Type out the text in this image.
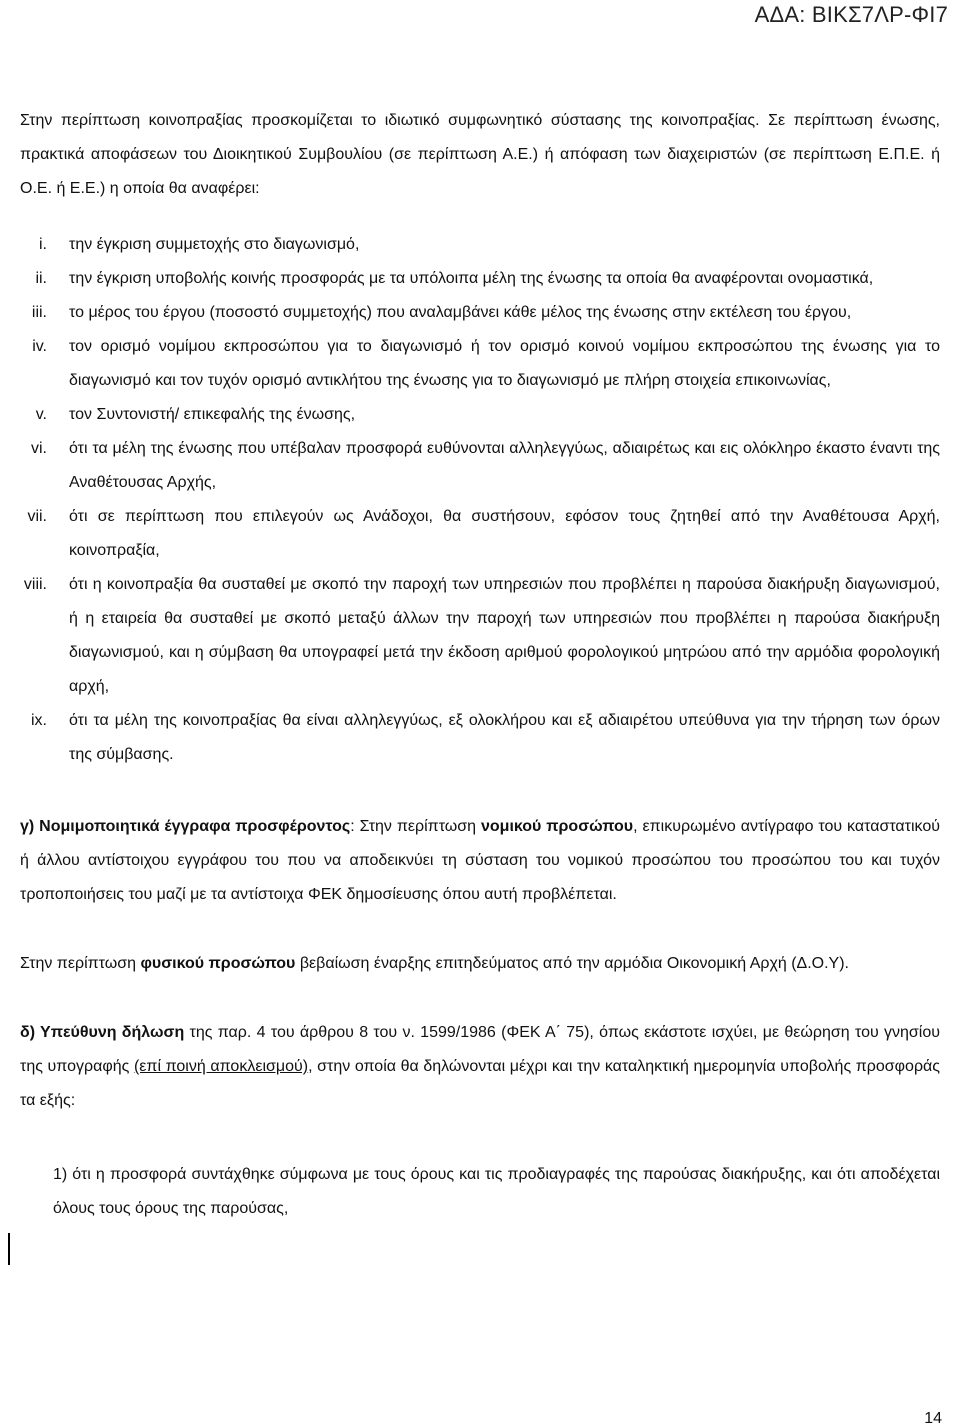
ΑΔΑ: ΒΙΚΣ7ΛΡ-ΦΙ7

Στην περίπτωση κοινοπραξίας προσκομίζεται το ιδιωτικό συμφωνητικό σύστασης της κοινοπραξίας. Σε περίπτωση ένωσης, πρακτικά αποφάσεων του Διοικητικού Συμβουλίου (σε περίπτωση Α.Ε.) ή απόφαση των διαχειριστών (σε περίπτωση Ε.Π.Ε. ή Ο.Ε. ή Ε.Ε.) η οποία θα αναφέρει:

i. την έγκριση συμμετοχής στο διαγωνισμό,
ii. την έγκριση υποβολής κοινής προσφοράς με τα υπόλοιπα μέλη της ένωσης τα οποία θα αναφέρονται ονομαστικά,
iii. το μέρος του έργου (ποσοστό συμμετοχής) που αναλαμβάνει κάθε μέλος της ένωσης στην εκτέλεση του έργου,
iv. τον ορισμό νομίμου εκπροσώπου για το διαγωνισμό ή τον ορισμό κοινού νομίμου εκπροσώπου της ένωσης για το διαγωνισμό και τον τυχόν ορισμό αντικλήτου της ένωσης για το διαγωνισμό με πλήρη στοιχεία επικοινωνίας,
v. τον Συντονιστή/ επικεφαλής της ένωσης,
vi. ότι τα μέλη της ένωσης που υπέβαλαν προσφορά ευθύνονται αλληλεγγύως, αδιαιρέτως και εις ολόκληρο έκαστο έναντι της Αναθέτουσας Αρχής,
vii. ότι σε περίπτωση που επιλεγούν ως Ανάδοχοι, θα συστήσουν, εφόσον τους ζητηθεί από την Αναθέτουσα Αρχή, κοινοπραξία,
viii. ότι η κοινοπραξία θα συσταθεί με σκοπό την παροχή των υπηρεσιών που προβλέπει η παρούσα διακήρυξη διαγωνισμού, ή η εταιρεία θα συσταθεί με σκοπό μεταξύ άλλων την παροχή των υπηρεσιών που προβλέπει η παρούσα διακήρυξη διαγωνισμού, και η σύμβαση θα υπογραφεί μετά την έκδοση αριθμού φορολογικού μητρώου από την αρμόδια φορολογική αρχή,
ix. ότι τα μέλη της κοινοπραξίας θα είναι αλληλεγγύως, εξ ολοκλήρου και εξ αδιαιρέτου υπεύθυνα για την τήρηση των όρων της σύμβασης.

γ) Νομιμοποιητικά έγγραφα προσφέροντος: Στην περίπτωση νομικού προσώπου, επικυρωμένο αντίγραφο του καταστατικού ή άλλου αντίστοιχου εγγράφου του που να αποδεικνύει τη σύσταση του νομικού προσώπου του προσώπου του και τυχόν τροποποιήσεις του μαζί με τα αντίστοιχα ΦΕΚ δημοσίευσης όπου αυτή προβλέπεται.

Στην περίπτωση φυσικού προσώπου βεβαίωση έναρξης επιτηδεύματος από την αρμόδια Οικονομική Αρχή (Δ.Ο.Υ).

δ) Υπεύθυνη δήλωση της παρ. 4 του άρθρου 8 του ν. 1599/1986 (ΦΕΚ Α΄ 75), όπως εκάστοτε ισχύει, με θεώρηση του γνησίου της υπογραφής (επί ποινή αποκλεισμού), στην οποία θα δηλώνονται μέχρι και την καταληκτική ημερομηνία υποβολής προσφοράς τα εξής:

1) ότι η προσφορά συντάχθηκε σύμφωνα με τους όρους και τις προδιαγραφές της παρούσας διακήρυξης, και ότι αποδέχεται όλους τους όρους της παρούσας,

14
